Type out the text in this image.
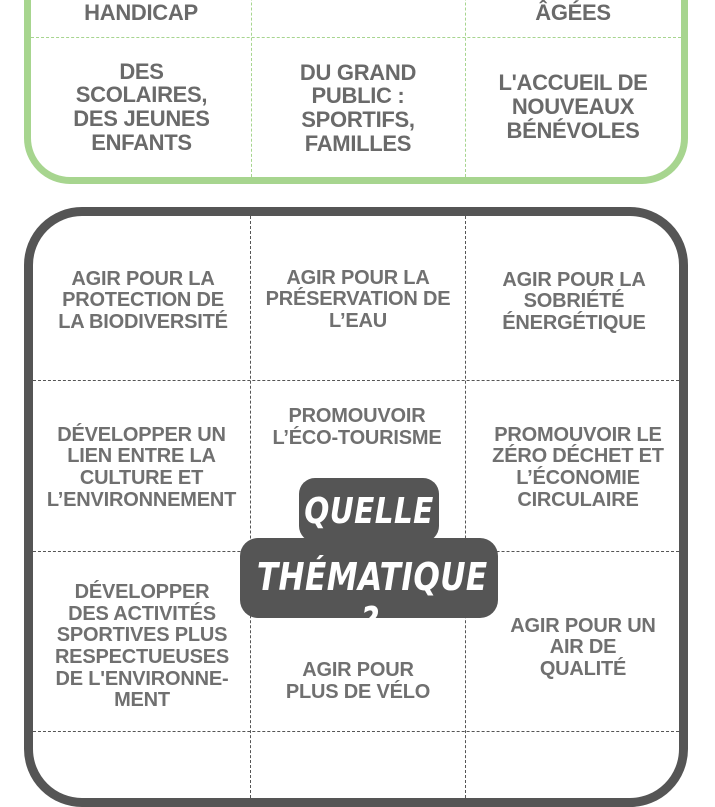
HANDICAP	ÂGÉES
DES SCOLAIRES, DES JEUNES ENFANTS
DU GRAND PUBLIC : SPORTIFS, FAMILLES
L'ACCUEIL DE NOUVEAUX BÉNÉVOLES
AGIR POUR LA PROTECTION DE LA BIODIVERSITÉ
AGIR POUR LA PRÉSERVATION DE L’EAU
AGIR POUR LA SOBRIÉTÉ ÉNERGÉTIQUE
DÉVELOPPER UN LIEN ENTRE LA CULTURE ET L’ENVIRONNEMENT
PROMOUVOIR L’ÉCO-TOURISME	PROMOUVOIR LE ZÉRO DÉCHET ET L’ÉCONOMIE CIRCULAIRE
DÉVELOPPER DES ACTIVITÉS SPORTIVES PLUS RESPECTUEUSES DE L'ENVIRONNE-MENT
AGIR POUR PLUS DE VÉLO
AGIR POUR UN AIR DE QUALITÉ
QUELLE
THÉMATIQUE ?
